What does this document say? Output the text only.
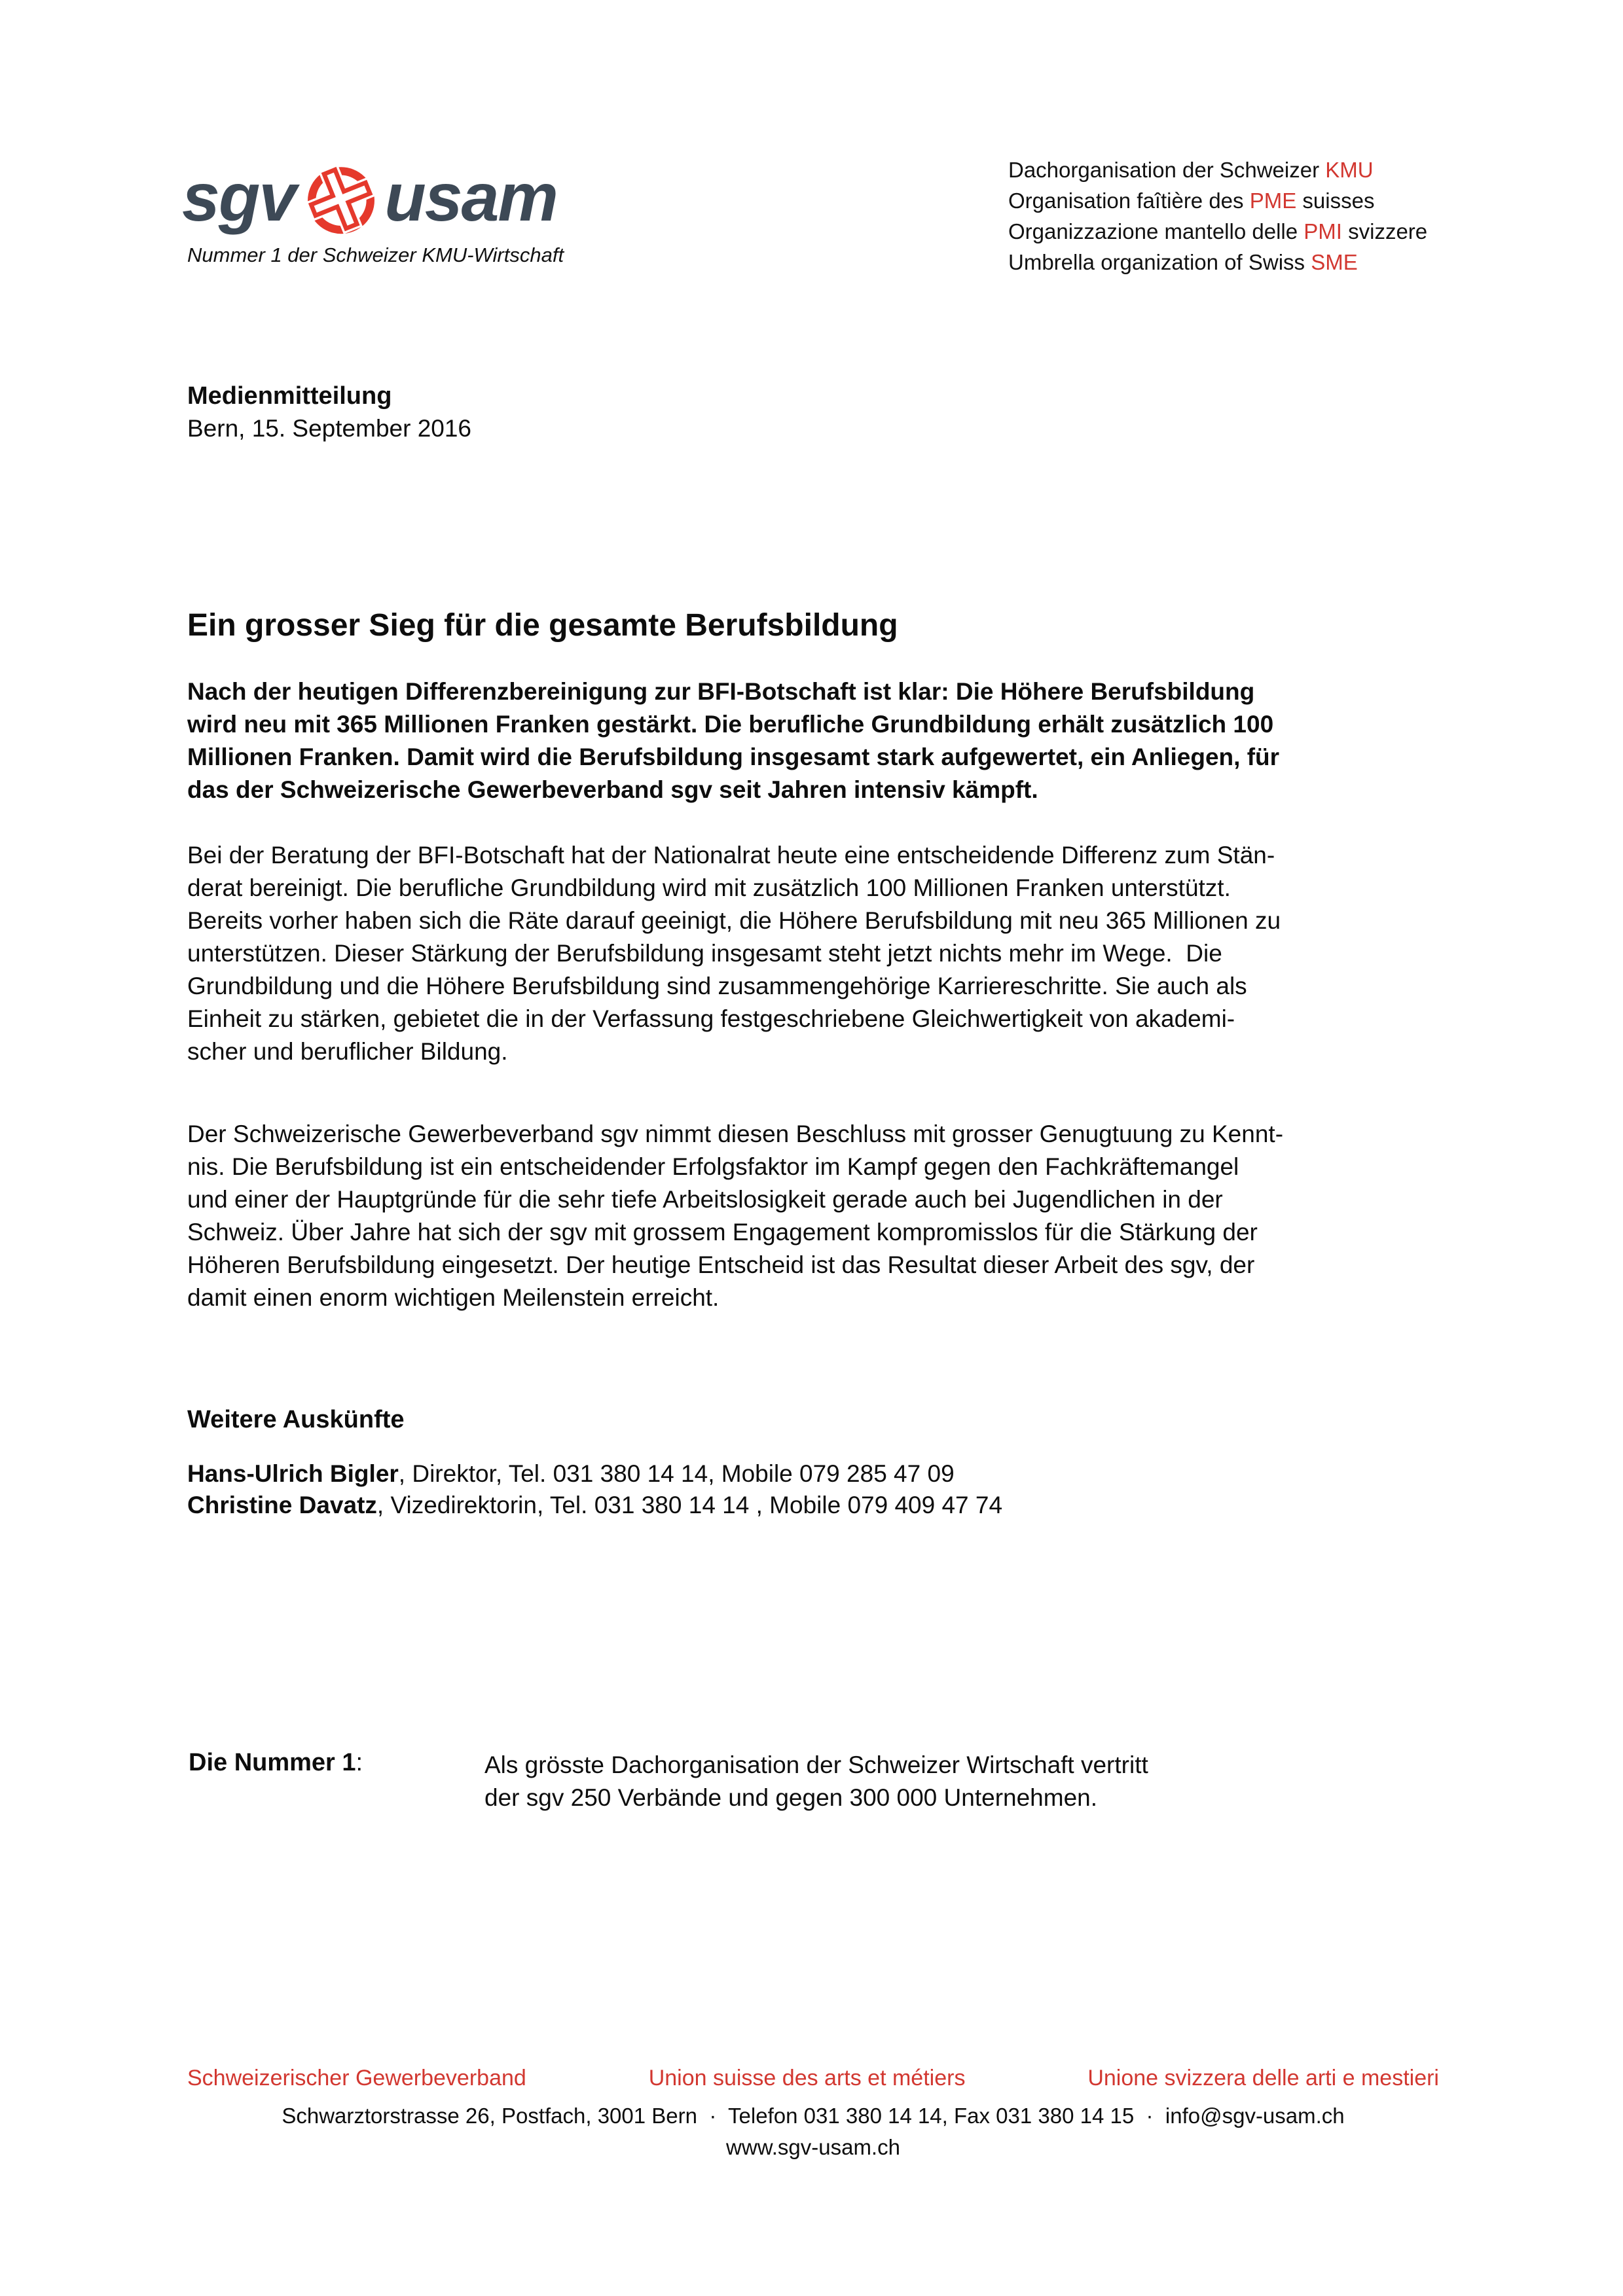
sgv usam
Nummer 1 der Schweizer KMU-Wirtschaft
Dachorganisation der Schweizer KMU
Organisation faîtière des PME suisses
Organizzazione mantello delle PMI svizzere
Umbrella organization of Swiss SME
Medienmitteilung
Bern, 15. September 2016
Ein grosser Sieg für die gesamte Berufsbildung
Nach der heutigen Differenzbereinigung zur BFI-Botschaft ist klar: Die Höhere Berufsbildung
wird neu mit 365 Millionen Franken gestärkt. Die berufliche Grundbildung erhält zusätzlich 100
Millionen Franken. Damit wird die Berufsbildung insgesamt stark aufgewertet, ein Anliegen, für
das der Schweizerische Gewerbeverband sgv seit Jahren intensiv kämpft.
Bei der Beratung der BFI-Botschaft hat der Nationalrat heute eine entscheidende Differenz zum Stän-
derat bereinigt. Die berufliche Grundbildung wird mit zusätzlich 100 Millionen Franken unterstützt.
Bereits vorher haben sich die Räte darauf geeinigt, die Höhere Berufsbildung mit neu 365 Millionen zu
unterstützen. Dieser Stärkung der Berufsbildung insgesamt steht jetzt nichts mehr im Wege.  Die
Grundbildung und die Höhere Berufsbildung sind zusammengehörige Karriereschritte. Sie auch als
Einheit zu stärken, gebietet die in der Verfassung festgeschriebene Gleichwertigkeit von akademi-
scher und beruflicher Bildung.
Der Schweizerische Gewerbeverband sgv nimmt diesen Beschluss mit grosser Genugtuung zu Kennt-
nis. Die Berufsbildung ist ein entscheidender Erfolgsfaktor im Kampf gegen den Fachkräftemangel
und einer der Hauptgründe für die sehr tiefe Arbeitslosigkeit gerade auch bei Jugendlichen in der
Schweiz. Über Jahre hat sich der sgv mit grossem Engagement kompromisslos für die Stärkung der
Höheren Berufsbildung eingesetzt. Der heutige Entscheid ist das Resultat dieser Arbeit des sgv, der
damit einen enorm wichtigen Meilenstein erreicht.
Weitere Auskünfte
Hans-Ulrich Bigler, Direktor, Tel. 031 380 14 14, Mobile 079 285 47 09
Christine Davatz, Vizedirektorin, Tel. 031 380 14 14 , Mobile 079 409 47 74
Die Nummer 1:	Als grösste Dachorganisation der Schweizer Wirtschaft vertritt
der sgv 250 Verbände und gegen 300 000 Unternehmen.
Schweizerischer Gewerbeverband	Union suisse des arts et métiers	Unione svizzera delle arti e mestieri
Schwarztorstrasse 26, Postfach, 3001 Bern  ·  Telefon 031 380 14 14, Fax 031 380 14 15  ·  info@sgv-usam.ch
www.sgv-usam.ch
